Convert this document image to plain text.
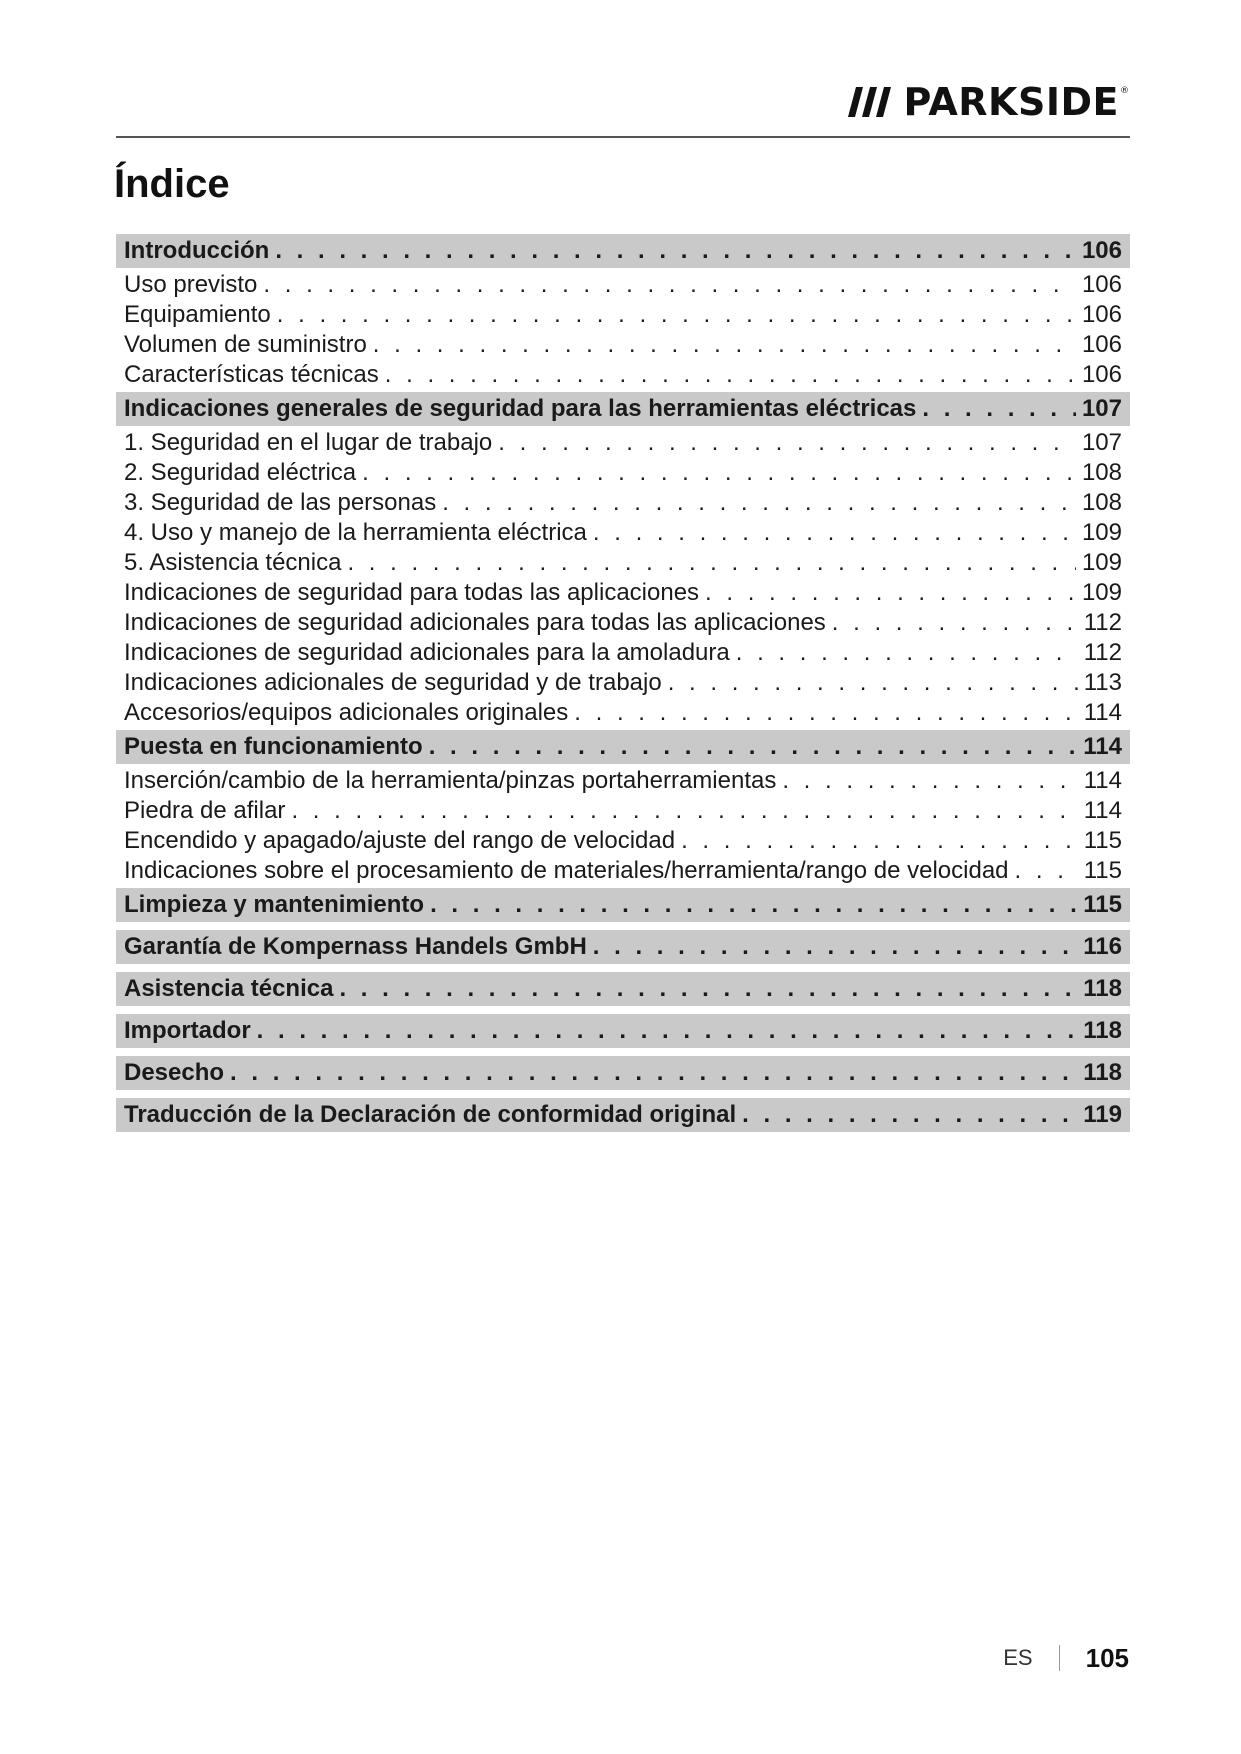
PARKSIDE ®
Índice
Introducción . . .	106
Uso previsto . . .	106
Equipamiento . . .	106
Volumen de suministro . . .	106
Características técnicas . . .	106
Indicaciones generales de seguridad para las herramientas eléctricas . . .	107
1. Seguridad en el lugar de trabajo . . .	107
2. Seguridad eléctrica . . .	108
3. Seguridad de las personas . . .	108
4. Uso y manejo de la herramienta eléctrica . . .	109
5. Asistencia técnica . . .	109
Indicaciones de seguridad para todas las aplicaciones . . .	109
Indicaciones de seguridad adicionales para todas las aplicaciones . . .	112
Indicaciones de seguridad adicionales para la amoladura . . .	112
Indicaciones adicionales de seguridad y de trabajo . . .	113
Accesorios/equipos adicionales originales . . .	114
Puesta en funcionamiento . . .	114
Inserción/cambio de la herramienta/pinzas portaherramientas . . .	114
Piedra de afilar . . .	114
Encendido y apagado/ajuste del rango de velocidad . . .	115
Indicaciones sobre el procesamiento de materiales/herramienta/rango de velocidad . . .	115
Limpieza y mantenimiento . . .	115
Garantía de Kompernass Handels GmbH . . .	116
Asistencia técnica . . .	118
Importador . . .	118
Desecho . . .	118
Traducción de la Declaración de conformidad original . . .	119
ES 105
